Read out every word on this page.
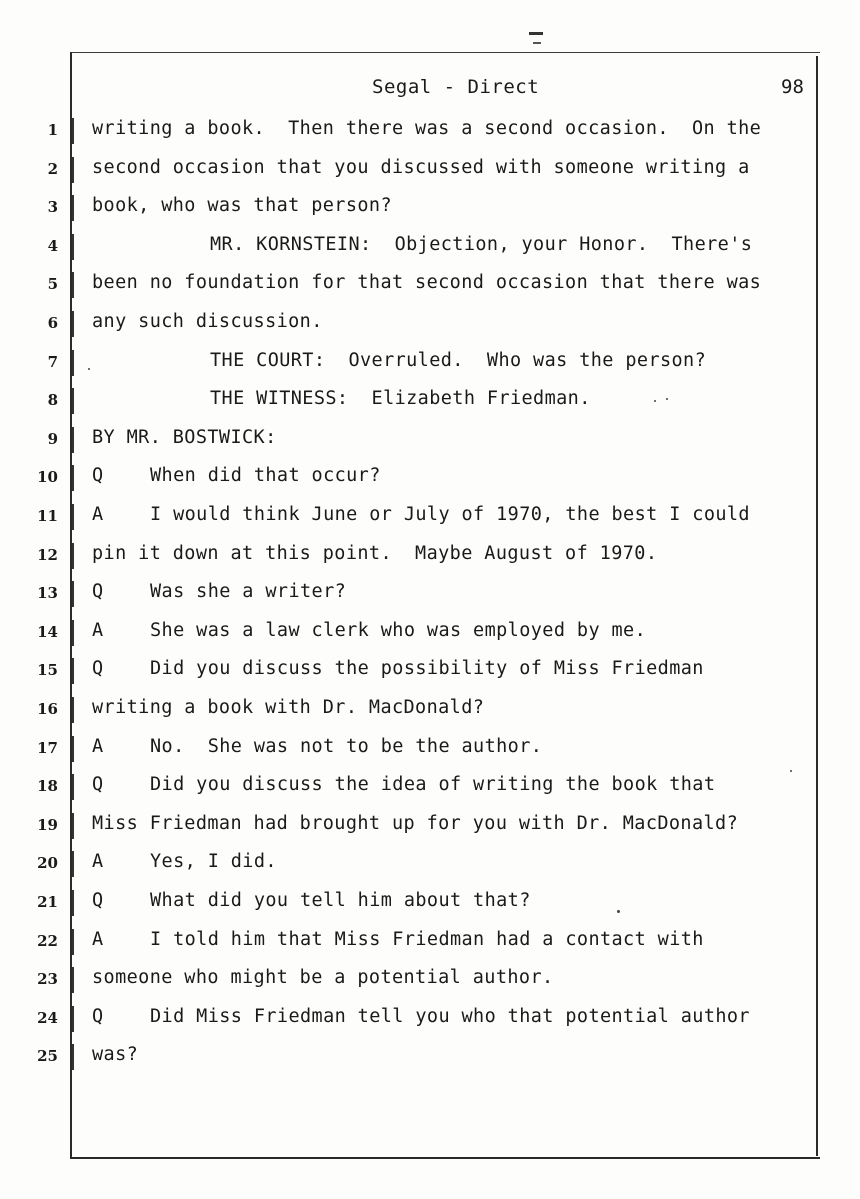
Segal - Direct	98
1 writing a book.  Then there was a second occasion.  On the
2 second occasion that you discussed with someone writing a
3 book, who was that person?
4	MR. KORNSTEIN:  Objection, your Honor.  There's
5 been no foundation for that second occasion that there was
6 any such discussion.
7	THE COURT:  Overruled.  Who was the person?
8	THE WITNESS:  Elizabeth Friedman.
9 BY MR. BOSTWICK:
10 Q	When did that occur?
11 A	I would think June or July of 1970, the best I could
12 pin it down at this point.  Maybe August of 1970.
13 Q	Was she a writer?
14 A	She was a law clerk who was employed by me.
15 Q	Did you discuss the possibility of Miss Friedman
16 writing a book with Dr. MacDonald?
17 A	No.  She was not to be the author.
18 Q	Did you discuss the idea of writing the book that
19 Miss Friedman had brought up for you with Dr. MacDonald?
20 A	Yes, I did.
21 Q	What did you tell him about that?
22 A	I told him that Miss Friedman had a contact with
23 someone who might be a potential author.
24 Q	Did Miss Friedman tell you who that potential author
25 was?
